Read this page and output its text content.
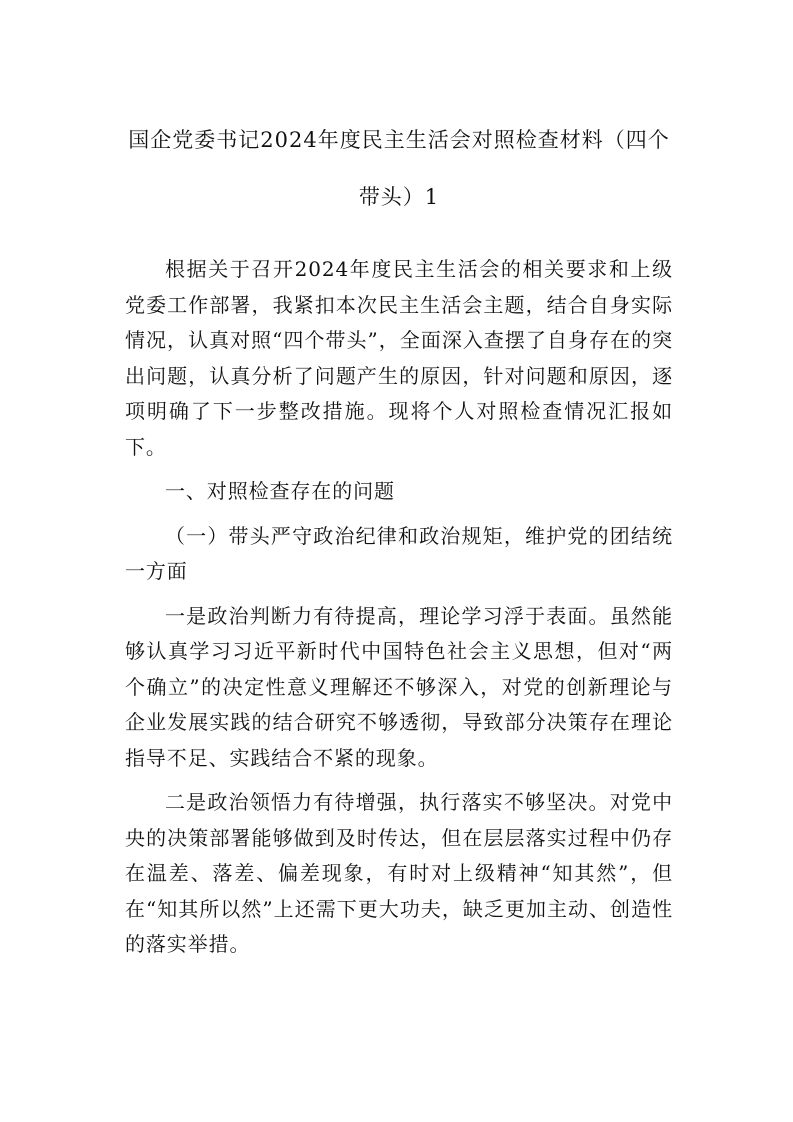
国企党委书记2024年度民主生活会对照检查材料（四个带头）1

根据关于召开2024年度民主生活会的相关要求和上级党委工作部署，我紧扣本次民主生活会主题，结合自身实际情况，认真对照“四个带头”，全面深入查摆了自身存在的突出问题，认真分析了问题产生的原因，针对问题和原因，逐项明确了下一步整改措施。现将个人对照检查情况汇报如下。

一、对照检查存在的问题

（一）带头严守政治纪律和政治规矩，维护党的团结统一方面

一是政治判断力有待提高，理论学习浮于表面。虽然能够认真学习习近平新时代中国特色社会主义思想，但对“两个确立”的决定性意义理解还不够深入，对党的创新理论与企业发展实践的结合研究不够透彻，导致部分决策存在理论指导不足、实践结合不紧的现象。

二是政治领悟力有待增强，执行落实不够坚决。对党中央的决策部署能够做到及时传达，但在层层落实过程中仍存在温差、落差、偏差现象，有时对上级精神“知其然”，但在“知其所以然”上还需下更大功夫，缺乏更加主动、创造性的落实举措。
